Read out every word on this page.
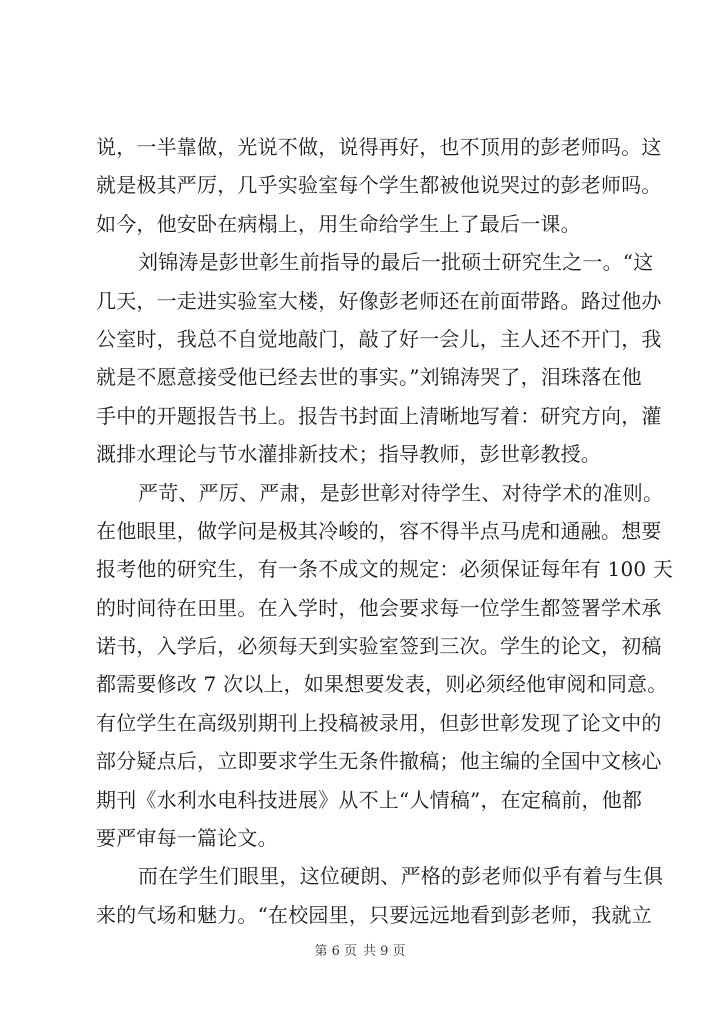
说，一半靠做，光说不做，说得再好，也不顶用的彭老师吗。这
就是极其严厉，几乎实验室每个学生都被他说哭过的彭老师吗。
如今，他安卧在病榻上，用生命给学生上了最后一课。
刘锦涛是彭世彰生前指导的最后一批硕士研究生之一。“这
几天，一走进实验室大楼，好像彭老师还在前面带路。路过他办
公室时，我总不自觉地敲门，敲了好一会儿，主人还不开门，我
就是不愿意接受他已经去世的事实。”刘锦涛哭了，泪珠落在他
手中的开题报告书上。报告书封面上清晰地写着：研究方向，灌
溉排水理论与节水灌排新技术；指导教师，彭世彰教授。
严苛、严厉、严肃，是彭世彰对待学生、对待学术的准则。
在他眼里，做学问是极其冷峻的，容不得半点马虎和通融。想要
报考他的研究生，有一条不成文的规定：必须保证每年有 100 天
的时间待在田里。在入学时，他会要求每一位学生都签署学术承
诺书，入学后，必须每天到实验室签到三次。学生的论文，初稿
都需要修改 7 次以上，如果想要发表，则必须经他审阅和同意。
有位学生在高级别期刊上投稿被录用，但彭世彰发现了论文中的
部分疑点后，立即要求学生无条件撤稿；他主编的全国中文核心
期刊《水利水电科技进展》从不上“人情稿”，在定稿前，他都
要严审每一篇论文。
而在学生们眼里，这位硬朗、严格的彭老师似乎有着与生俱
来的气场和魅力。“在校园里，只要远远地看到彭老师，我就立
第 6 页 共 9 页
